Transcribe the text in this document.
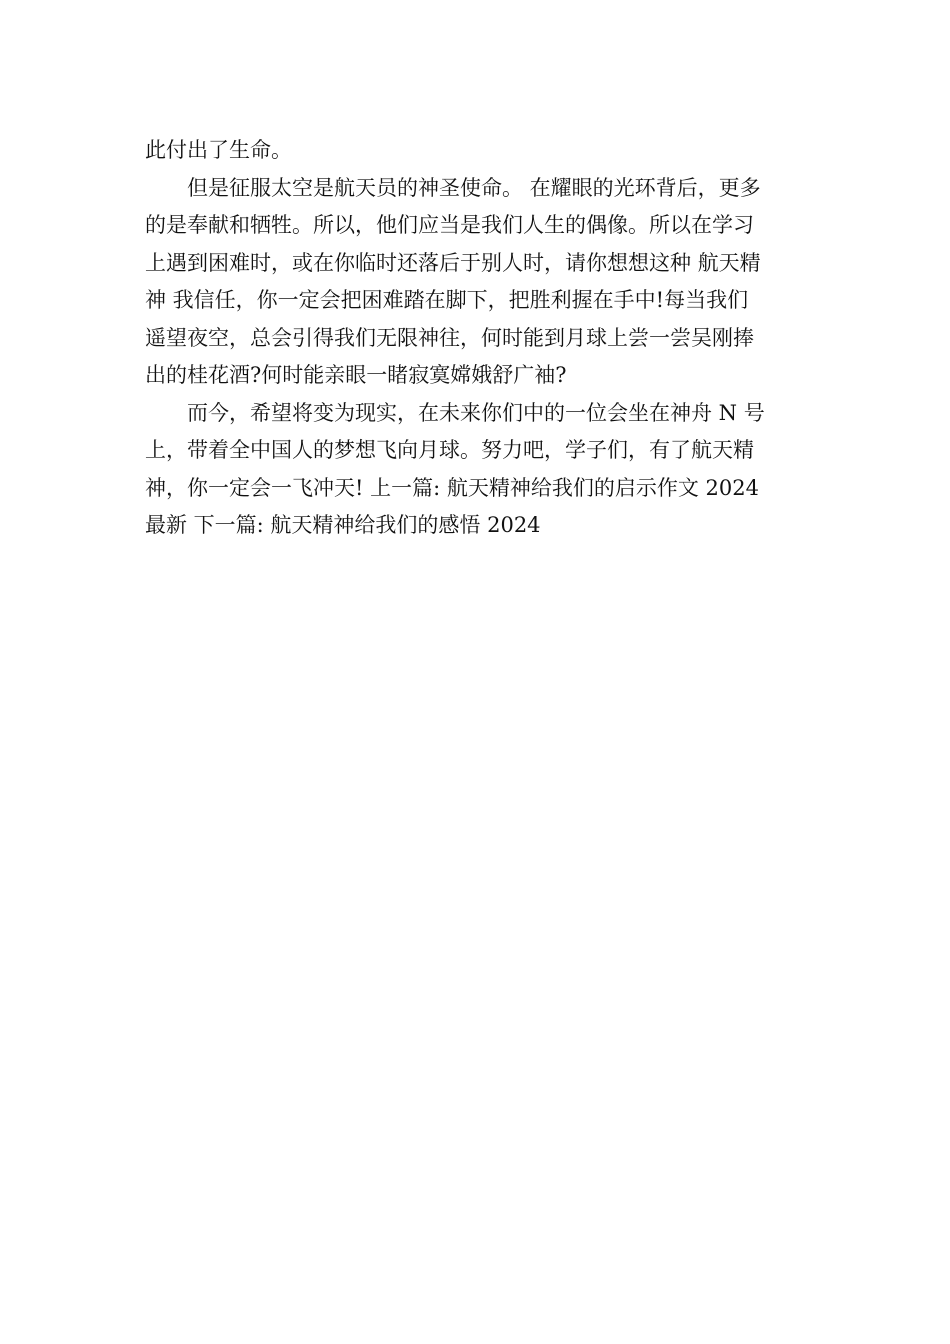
此付出了生命。

但是征服太空是航天员的神圣使命。 在耀眼的光环背后，更多
的是奉献和牺牲。所以，他们应当是我们人生的偶像。所以在学习
上遇到困难时，或在你临时还落后于别人时，请你想想这种 航天精
神 我信任，你一定会把困难踏在脚下，把胜利握在手中!每当我们
遥望夜空，总会引得我们无限神往，何时能到月球上尝一尝吴刚捧
出的桂花酒?何时能亲眼一睹寂寞嫦娥舒广袖?

而今，希望将变为现实，在未来你们中的一位会坐在神舟 N 号
上，带着全中国人的梦想飞向月球。努力吧，学子们，有了航天精
神，你一定会一飞冲天! 上一篇: 航天精神给我们的启示作文 2024
最新 下一篇: 航天精神给我们的感悟 2024
